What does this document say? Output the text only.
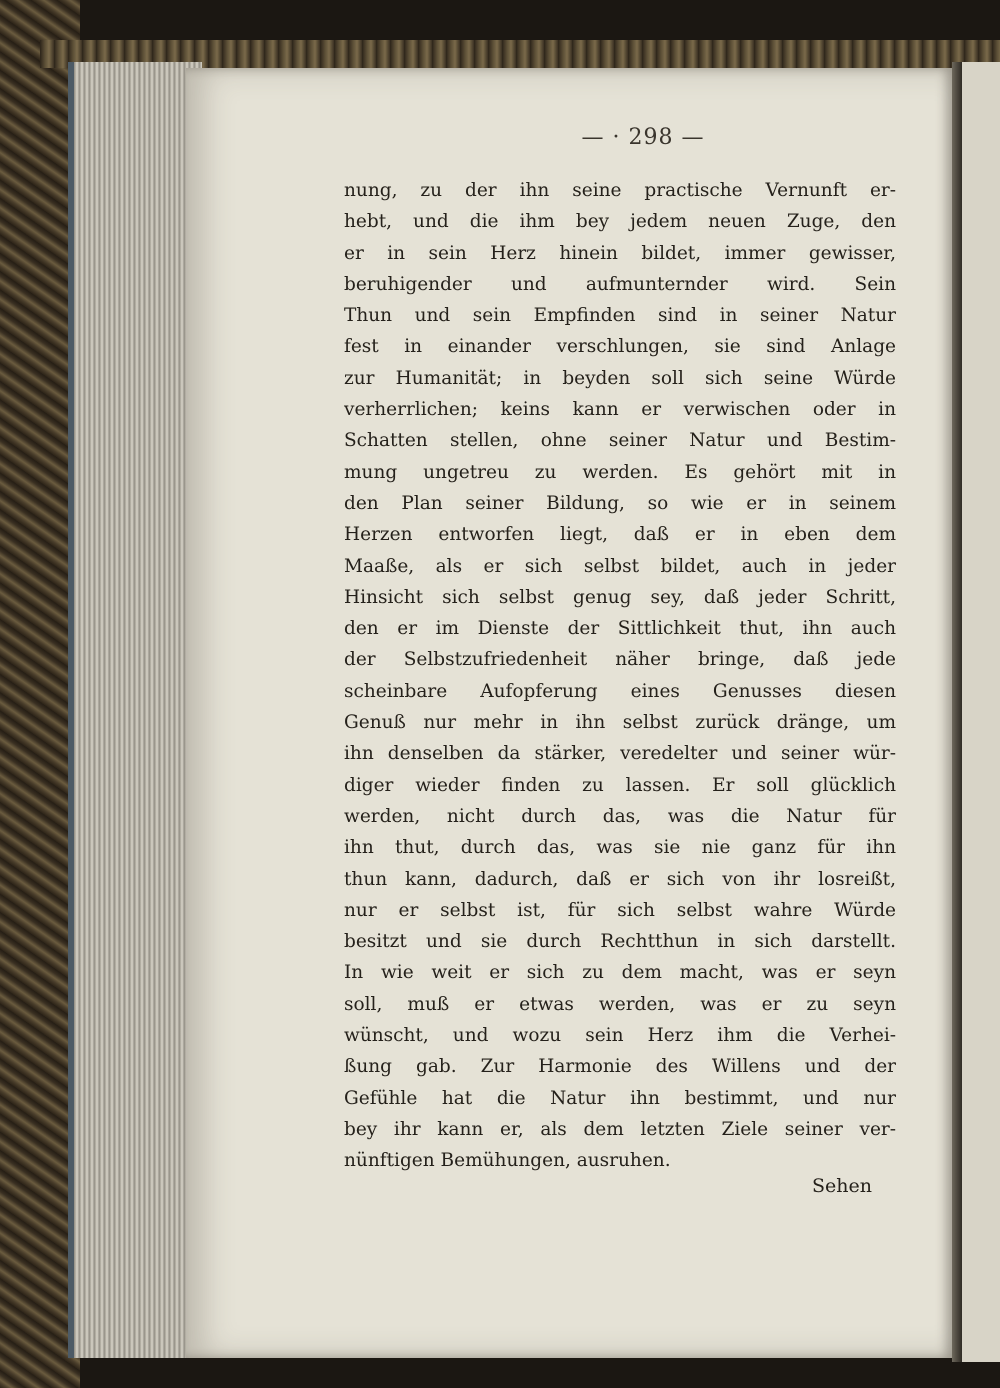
— · 298 —
nung, zu der ihn seine practische Vernunft er-
hebt, und die ihm bey jedem neuen Zuge, den
er in sein Herz hinein bildet, immer gewisser,
beruhigender und aufmunternder wird. Sein
Thun und sein Empfinden sind in seiner Natur
fest in einander verschlungen, sie sind Anlage
zur Humanität; in beyden soll sich seine Würde
verherrlichen; keins kann er verwischen oder in
Schatten stellen, ohne seiner Natur und Bestim-
mung ungetreu zu werden. Es gehört mit in
den Plan seiner Bildung, so wie er in seinem
Herzen entworfen liegt, daß er in eben dem
Maaße, als er sich selbst bildet, auch in jeder
Hinsicht sich selbst genug sey, daß jeder Schritt,
den er im Dienste der Sittlichkeit thut, ihn auch
der Selbstzufriedenheit näher bringe, daß jede
scheinbare Aufopferung eines Genusses diesen
Genuß nur mehr in ihn selbst zurück dränge, um
ihn denselben da stärker, veredelter und seiner wür-
diger wieder finden zu lassen. Er soll glücklich
werden, nicht durch das, was die Natur für
ihn thut, durch das, was sie nie ganz für ihn
thun kann, dadurch, daß er sich von ihr losreißt,
nur er selbst ist, für sich selbst wahre Würde
besitzt und sie durch Rechtthun in sich darstellt.
In wie weit er sich zu dem macht, was er seyn
soll, muß er etwas werden, was er zu seyn
wünscht, und wozu sein Herz ihm die Verhei-
ßung gab. Zur Harmonie des Willens und der
Gefühle hat die Natur ihn bestimmt, und nur
bey ihr kann er, als dem letzten Ziele seiner ver-
nünftigen Bemühungen, ausruhen.
Sehen
